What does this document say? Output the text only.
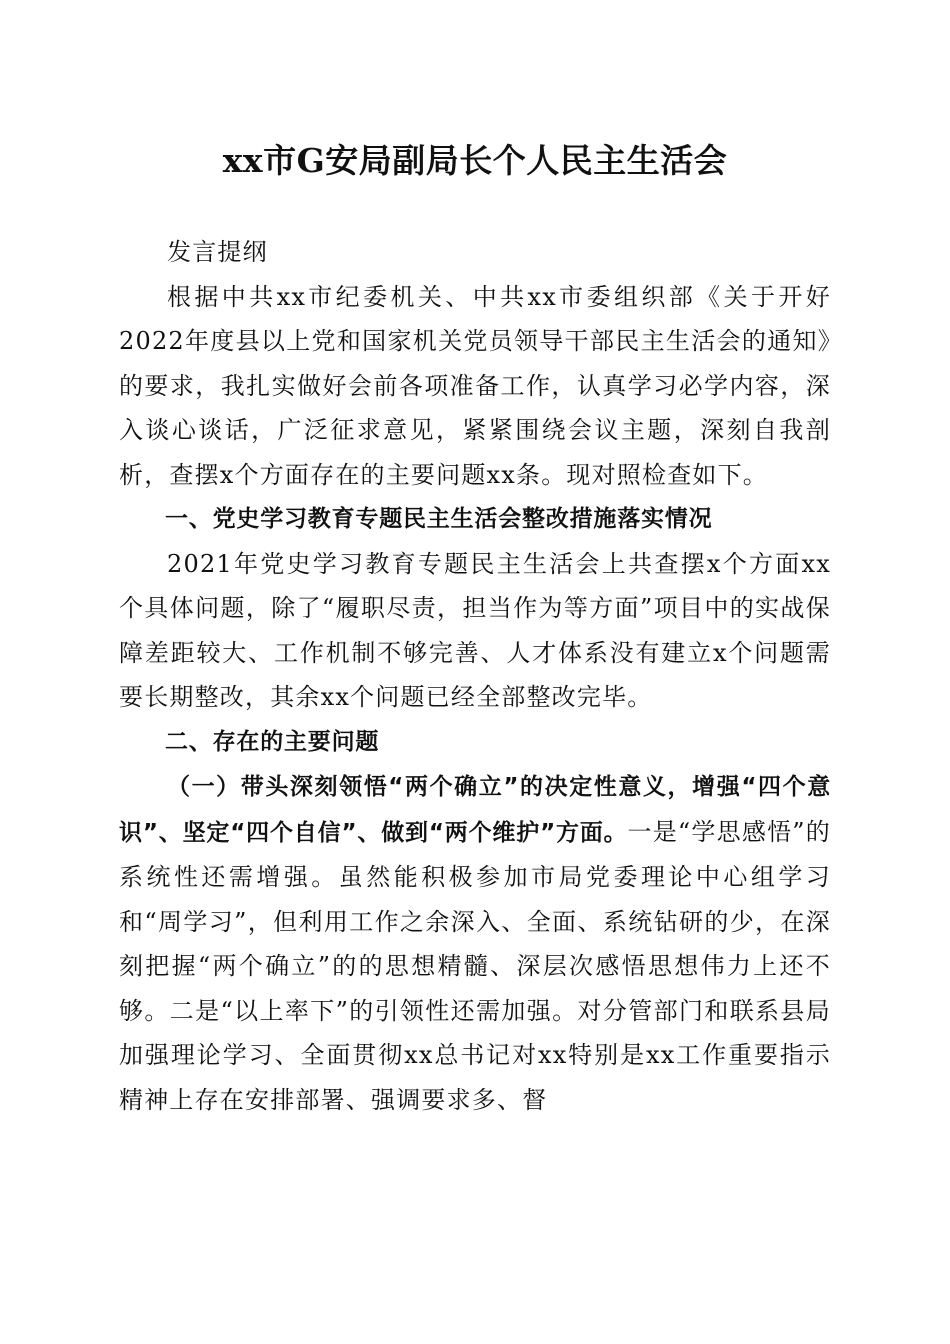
xx市G安局副局长个人民主生活会

发言提纲

根据中共xx市纪委机关、中共xx市委组织部《关于开好2022年度县以上党和国家机关党员领导干部民主生活会的通知》的要求，我扎实做好会前各项准备工作，认真学习必学内容，深入谈心谈话，广泛征求意见，紧紧围绕会议主题，深刻自我剖析，查摆x个方面存在的主要问题xx条。现对照检查如下。

一、党史学习教育专题民主生活会整改措施落实情况

2021年党史学习教育专题民主生活会上共查摆x个方面xx个具体问题，除了“履职尽责，担当作为等方面”项目中的实战保障差距较大、工作机制不够完善、人才体系没有建立x个问题需要长期整改，其余xx个问题已经全部整改完毕。

二、存在的主要问题

（一）带头深刻领悟“两个确立”的决定性意义，增强“四个意识”、坚定“四个自信”、做到“两个维护”方面。一是“学思感悟”的系统性还需增强。虽然能积极参加市局党委理论中心组学习和“周学习”，但利用工作之余深入、全面、系统钻研的少，在深刻把握“两个确立”的的思想精髓、深层次感悟思想伟力上还不够。二是“以上率下”的引领性还需加强。对分管部门和联系县局加强理论学习、全面贯彻xx总书记对xx特别是xx工作重要指示精神上存在安排部署、强调要求多、督
